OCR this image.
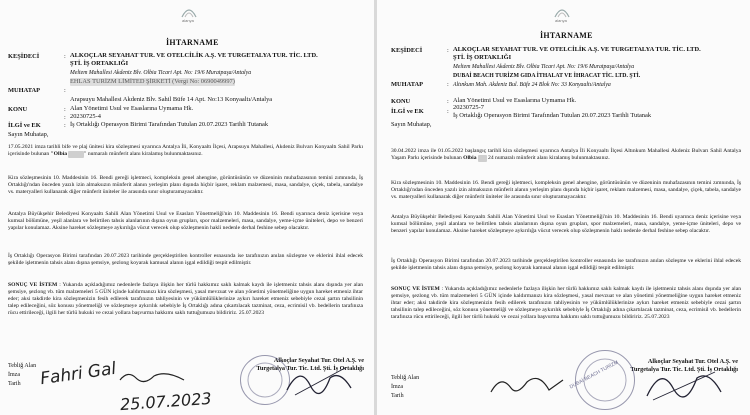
alanya
İHTARNAME
KEŞİDECİ	: ALKOÇLAR SEYAHAT TUR. VE OTELCİLİK A.Ş. VE TURGETALYA TUR. TİC. LTD.
ŞTİ. İŞ ORTAKLIĞI
Meltem Mahallesi Akdeniz Blv. Olbia Ticari Apt. No: 19/6 Muratpaşa/Antalya
MUHATAP	:
EHLAS TURİZM LİMİTED ŞİRKETİ (Vergi No: 0690049997)
Arapsuyu Mahallesi Akdeniz Blv. Sahil Büfe 14 Apt. No:13 Konyaaltı/Antalya
KONU	: Alan Yönetimi Usul ve Esaslarına Uymama Hk.
İLGİ ve EK
: 20230725-4
: İş Ortaklığı Operasyon Birimi Tarafından Tutulan 20.07.2023 Tarihli Tutanak
Sayın Muhatap,
17.05.2021 imza tarihli bife ve plaj ünitesi kira sözleşmesi uyarınca Antalya İli, Konyaaltı İlçesi, Arapsuyu Mahallesi, Akdeniz Bulvarı Konyaaltı Sahil Parkı içerisinde bulunan "Olbia	" numaralı münferit alanı kiralamış bulunmaktasınız.
Kira sözleşmesinin 10. Maddesinin 16. Bendi gereği işletmeci, kompleksin genel ahengine, görüntüsünün ve düzeninin muhafazasının temini zımnında, İş Ortaklığı'ndan önceden yazılı izin almaksızın münferit alanın yerleşim planı dışında hiçbir işaret, reklam malzemesi, masa, sandalye, çiçek, tabela, sandalye vs. materyalleri kullanarak diğer münferit üniteler ile arasında sınır oluşturamayacaktır.
Antalya Büyükşehir Belediyesi Konyaaltı Sahili Alan Yönetimi Usul ve Esasları Yönetmeliği'nin 10. Maddesinin 16. Bendi uyarınca deniz içerisine veya kumsal bölümüne, yeşil alanlara ve belirtilen tahsis alanlarının dışına oyun grupları, spor malzemeleri, masa, sandalye, yeme-içme üniteleri, depo ve benzeri yapılar konulamaz. Aksine hareket sözleşmeye aykırılığa vücut verecek olup sözleşmenin hakli nedenle derhal feshine sebep olacaktır.
İş Ortaklığı Operasyon Birimi tarafından 20.07.2023 tarihinde gerçekleştirilen kontroller esnasında ise tarafınızın anılan sözleşme ve eklerini ihlal edecek şekilde işletmenin tahsis alanı dışına şemsiye, şezlong koyarak kamusal alanın işgal edildiği tespit edilmiştir.
SONUÇ VE İSTEM : Yukarıda açıkladığımız nedenlerle fazlaya ilişkin her türlü hakkımız saklı kalmak kaydı ile işletmeniz tahsis alanı dışında yer alan şemsiye, şezlong vb. tüm malzemeleri 5 GÜN içinde kaldırmanızı kira sözleşmesi, yasal mevzuat ve alan yönetimi yönetmeliğine uygun hareket etmeniz ihtar eder; aksi takdirde kira sözleşmenizin fesih edilerek tarafınızın tahliyesinin ve yükümlülüklerinize aykırı hareket etmeniz sebebiyle cezai şartın tahsilinin talep edileceğini, söz konusu yönetmeliği ve sözleşmeye aykırılık sebebiyle İş Ortaklığı adına çıkartılacak tazminat, ceza, ecrimisil vb. bedellerin tarafınıza rücu ettirileceği, ilgili her türlü hukuki ve cezai yollara başvurma hakkımı saklı tuttuğumuzu bildiririz. 25.07.2023
Alkoçlar Seyahat Tur. Otel A.Ş. ve
Turgetalya Tur. Tic. Ltd. Şti. İş Ortaklığı
Tebliğ Alan
İmza
Tarih Fahri Gal
25.07.2023
alanya
İHTARNAME
KEŞİDECİ	: ALKOÇLAR SEYAHAT TUR. VE OTELCİLİK A.Ş. VE TURGETALYA TUR. TİC. LTD.
ŞTİ. İŞ ORTAKLIĞI
Meltem Mahallesi Akdeniz Blv. Olbia Ticari Apt. No: 19/6 Muratpaşa/Antalya
MUHATAP	:
DUBAİ BEACH TURİZM GIDA İTHALAT VE İHRACAT TİC. LTD. ŞTİ.
Altınkum Mah. Akdeniz Bul. Büfe 24 Blok No: 33 Konyaaltı/Antalya
KONU	: Alan Yönetimi Usul ve Esaslarına Uymama Hk.
İLGİ ve EK	:
20230725-7
İş Ortaklığı Operasyon Birimi Tarafından Tutulan 20.07.2023 Tarihli Tutanak
Sayın Muhatap,
30.04.2022 imza ile 01.05.2022 başlangıç tarihli kira sözleşmesi uyarınca Antalya İli Konyaaltı İlçesi Altınkum Mahallesi Akdeniz Bulvarı Sahil Antalya Yaşam Parkı içerisinde bulunan Olbia  24 numaralı münferit alanı kiralamış bulunmaktasınız.
Kira sözleşmesinin 10. Maddesinin 16. Bendi gereği işletmeci, kompleksin genel ahengine, görüntüsünün ve düzeninin muhafazasının temini zımnında, İş Ortaklığı'ndan önceden yazılı izin almaksızın münferit alanın yerleşim planı dışında hiçbir işaret, reklam malzemesi, masa, sandalye, çiçek, tabela, sandalye vs. materyalleri kullanarak diğer münferit üniteler ile arasında sınır oluşturamayacaktır.
Antalya Büyükşehir Belediyesi Konyaaltı Sahili Alan Yönetimi Usul ve Esasları Yönetmeliği'nin 10. Maddesinin 16. Bendi uyarınca deniz içerisine veya kumsal bölümüne, yeşil alanlara ve belirtilen tahsis alanlarının dışına oyun grupları, spor malzemeleri, masa, sandalye, yeme-içme üniteleri, depo ve benzeri yapılar konulamaz. Aksine hareket sözleşmeye aykırılığa vücut verecek olup sözleşmenin haklı nedenle derhal feshine sebep olacaktır.
İş Ortaklığı Operasyon Birimi tarafından 20.07.2023 tarihinde gerçekleştirilen kontroller esnasında ise tarafınızın anılan sözleşme ve eklerini ihlal edecek şekilde işletmenin tahsis alanı dışına şemsiye, şezlong koyarak kamusal alanın işgal edildiği tespit edilmiştir.
SONUÇ VE İSTEM : Yukarıda açıkladığımız nedenlerle fazlaya ilişkin her türlü hakkımız saklı kalmak kaydı ile işletmeniz tahsis alanı dışında yer alan şemsiye, şezlong vb. tüm malzemeleri 5 GÜN içinde kaldırmanızı kira sözleşmesi, yasal mevzuat ve alan yönetimi yönetmeliğine uygun hareket etmeniz ihtar eder; aksi takdirde kira sözleşmenizin fesih edilerek tarafınızın tahliyesinin ve yükümlülüklerinize aykırı hareket etmeniz sebebiyle cezai şartın tahsilinin talep edileceğini, söz konusu yönetmeliği ve sözleşmeye aykırılık sebebiyle İş Ortaklığı adına çıkartılacak tazminat, ceza, ecrimisil vb. bedellerin tarafınıza rücu ettirileceği, ilgili her türlü hukuki ve cezai yollara başvurma hakkımı saklı tuttuğumuzu bildiririz. 25.07.2023
Alkoçlar Seyahat Tur. Otel A.Ş. ve
Turgetalya Tur. Tic. Ltd. Şti. İş Ortaklığı
DUBAİ BEACH TURİZM
Tebliğ Alan
İmza
Tarih
